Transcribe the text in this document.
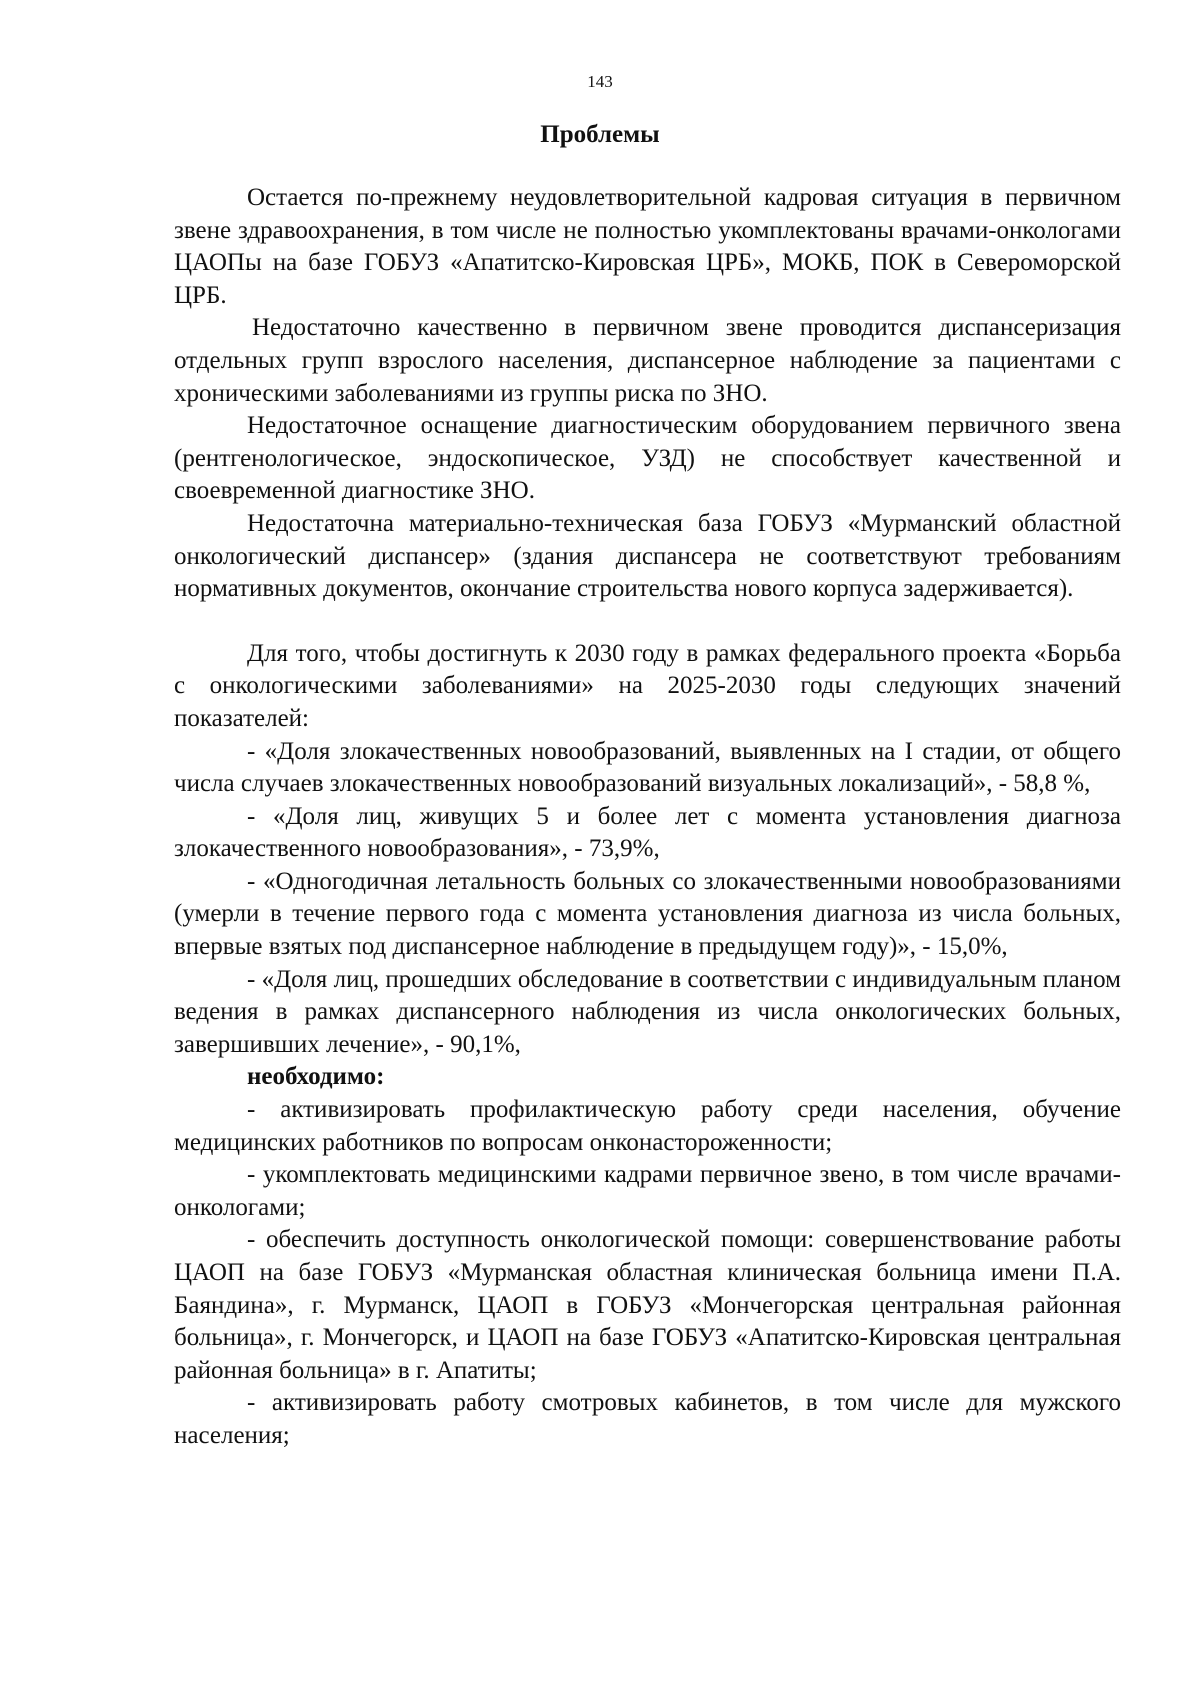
143
Проблемы

Остается по-прежнему неудовлетворительной кадровая ситуация в первичном звене здравоохранения, в том числе не полностью укомплектованы врачами-онкологами ЦАОПы на базе ГОБУЗ «Апатитско-Кировская ЦРБ», МОКБ, ПОК в Североморской ЦРБ.

Недостаточно качественно в первичном звене проводится диспансеризация отдельных групп взрослого населения, диспансерное наблюдение за пациентами с хроническими заболеваниями из группы риска по ЗНО.

Недостаточное оснащение диагностическим оборудованием первичного звена (рентгенологическое, эндоскопическое, УЗД) не способствует качественной и своевременной диагностике ЗНО.

Недостаточна материально-техническая база ГОБУЗ «Мурманский областной онкологический диспансер» (здания диспансера не соответствуют требованиям нормативных документов, окончание строительства нового корпуса задерживается).

Для того, чтобы достигнуть к 2030 году в рамках федерального проекта «Борьба с онкологическими заболеваниями» на 2025-2030 годы следующих значений показателей:

- «Доля злокачественных новообразований, выявленных на I стадии, от общего числа случаев злокачественных новообразований визуальных локализаций», - 58,8 %,

- «Доля лиц, живущих 5 и более лет с момента установления диагноза злокачественного новообразования», - 73,9%,

- «Одногодичная летальность больных со злокачественными новообразованиями (умерли в течение первого года с момента установления диагноза из числа больных, впервые взятых под диспансерное наблюдение в предыдущем году)», - 15,0%,

- «Доля лиц, прошедших обследование в соответствии с индивидуальным планом ведения в рамках диспансерного наблюдения из числа онкологических больных, завершивших лечение», - 90,1%,

необходимо:

- активизировать профилактическую работу среди населения, обучение медицинских работников по вопросам онконастороженности;

- укомплектовать медицинскими кадрами первичное звено, в том числе врачами-онкологами;

- обеспечить доступность онкологической помощи: совершенствование работы ЦАОП на базе ГОБУЗ «Мурманская областная клиническая больница имени П.А. Баяндина», г. Мурманск, ЦАОП в ГОБУЗ «Мончегорская центральная районная больница», г. Мончегорск, и ЦАОП на базе ГОБУЗ «Апатитско-Кировская центральная районная больница» в г. Апатиты;

- активизировать работу смотровых кабинетов, в том числе для мужского населения;
